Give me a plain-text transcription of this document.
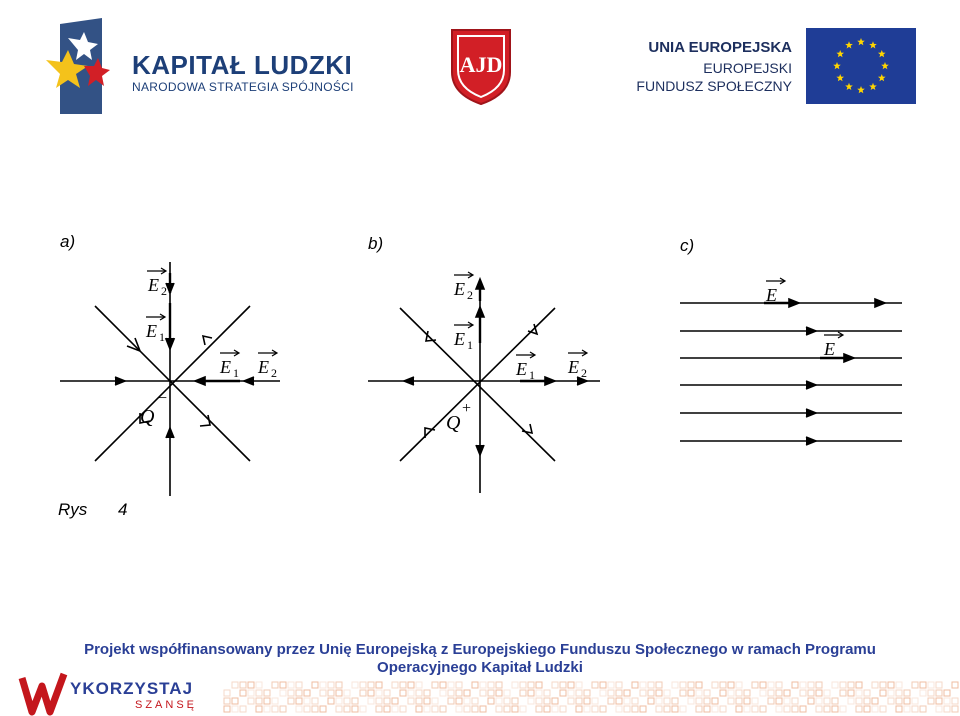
KAPITAŁ LUDZKI
NARODOWA STRATEGIA SPÓJNOŚCI
AJD
UNIA EUROPEJSKA
EUROPEJSKI
FUNDUSZ SPOŁECZNY
a)	b)	c)
E 2
E 1
E 1 E 2
Q
−
E 2
E 1
E 1 E 2
Q
+
E
E
Rys 4
Projekt współfinansowany przez Unię Europejską z Europejskiego Funduszu Społecznego w ramach Programu
Operacyjnego Kapitał Ludzki
YKORZYSTAJ
SZANSĘ
